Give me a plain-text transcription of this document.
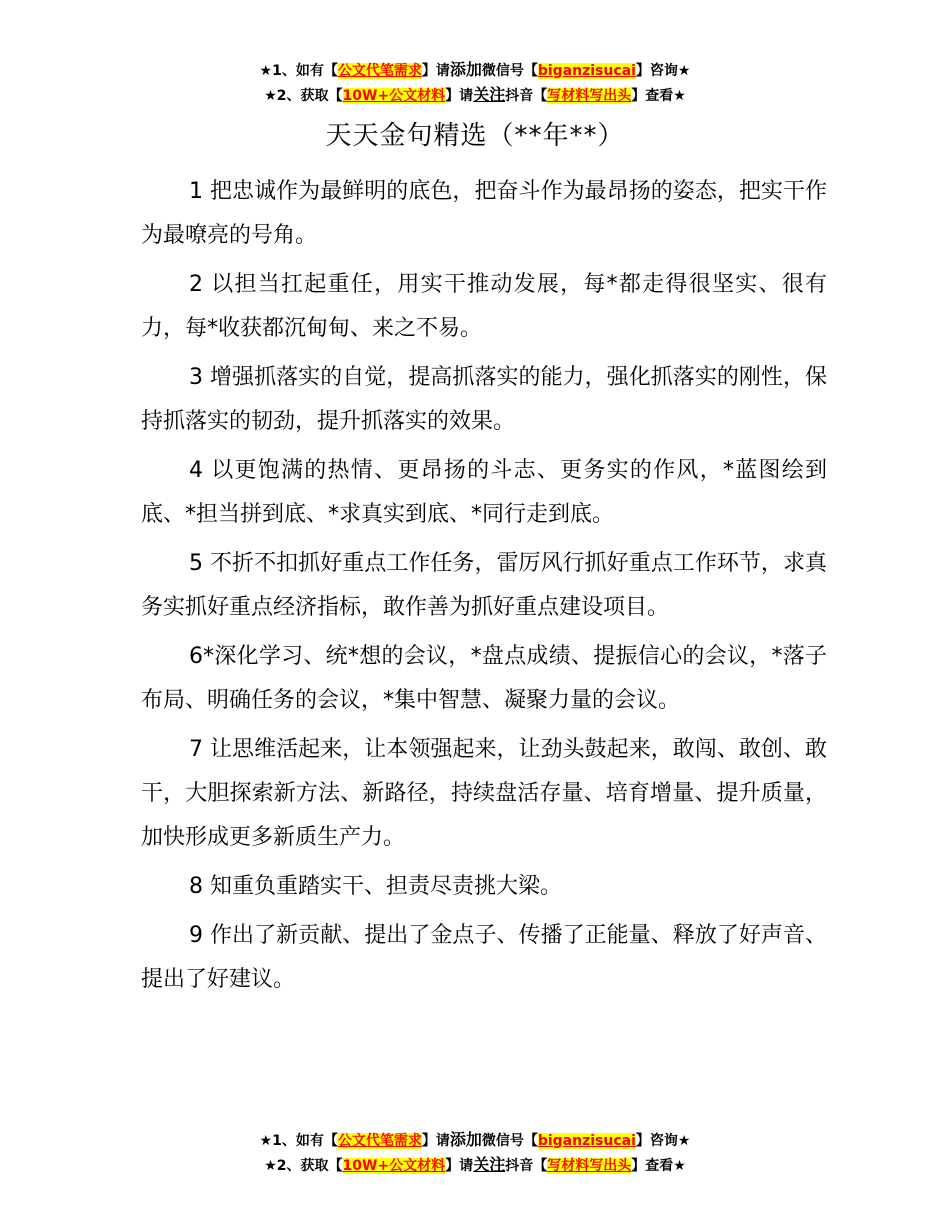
★1、如有【公文代笔需求】请添加微信号【biganzisucai】咨询★
★2、获取【10W+公文材料】请关注抖音【写材料写出头】查看★
天天金句精选（**年**）

1 把忠诚作为最鲜明的底色，把奋斗作为最昂扬的姿态，把实干作为最嘹亮的号角。

2 以担当扛起重任，用实干推动发展，每*都走得很坚实、很有力，每*收获都沉甸甸、来之不易。

3 增强抓落实的自觉，提高抓落实的能力，强化抓落实的刚性，保持抓落实的韧劲，提升抓落实的效果。

4 以更饱满的热情、更昂扬的斗志、更务实的作风，*蓝图绘到底、*担当拼到底、*求真实到底、*同行走到底。

5 不折不扣抓好重点工作任务，雷厉风行抓好重点工作环节，求真务实抓好重点经济指标，敢作善为抓好重点建设项目。

6*深化学习、统*想的会议，*盘点成绩、提振信心的会议，*落子布局、明确任务的会议，*集中智慧、凝聚力量的会议。

7 让思维活起来，让本领强起来，让劲头鼓起来，敢闯、敢创、敢干，大胆探索新方法、新路径，持续盘活存量、培育增量、提升质量，加快形成更多新质生产力。

8 知重负重踏实干、担责尽责挑大梁。

9 作出了新贡献、提出了金点子、传播了正能量、释放了好声音、提出了好建议。

★1、如有【公文代笔需求】请添加微信号【biganzisucai】咨询★
★2、获取【10W+公文材料】请关注抖音【写材料写出头】查看★
